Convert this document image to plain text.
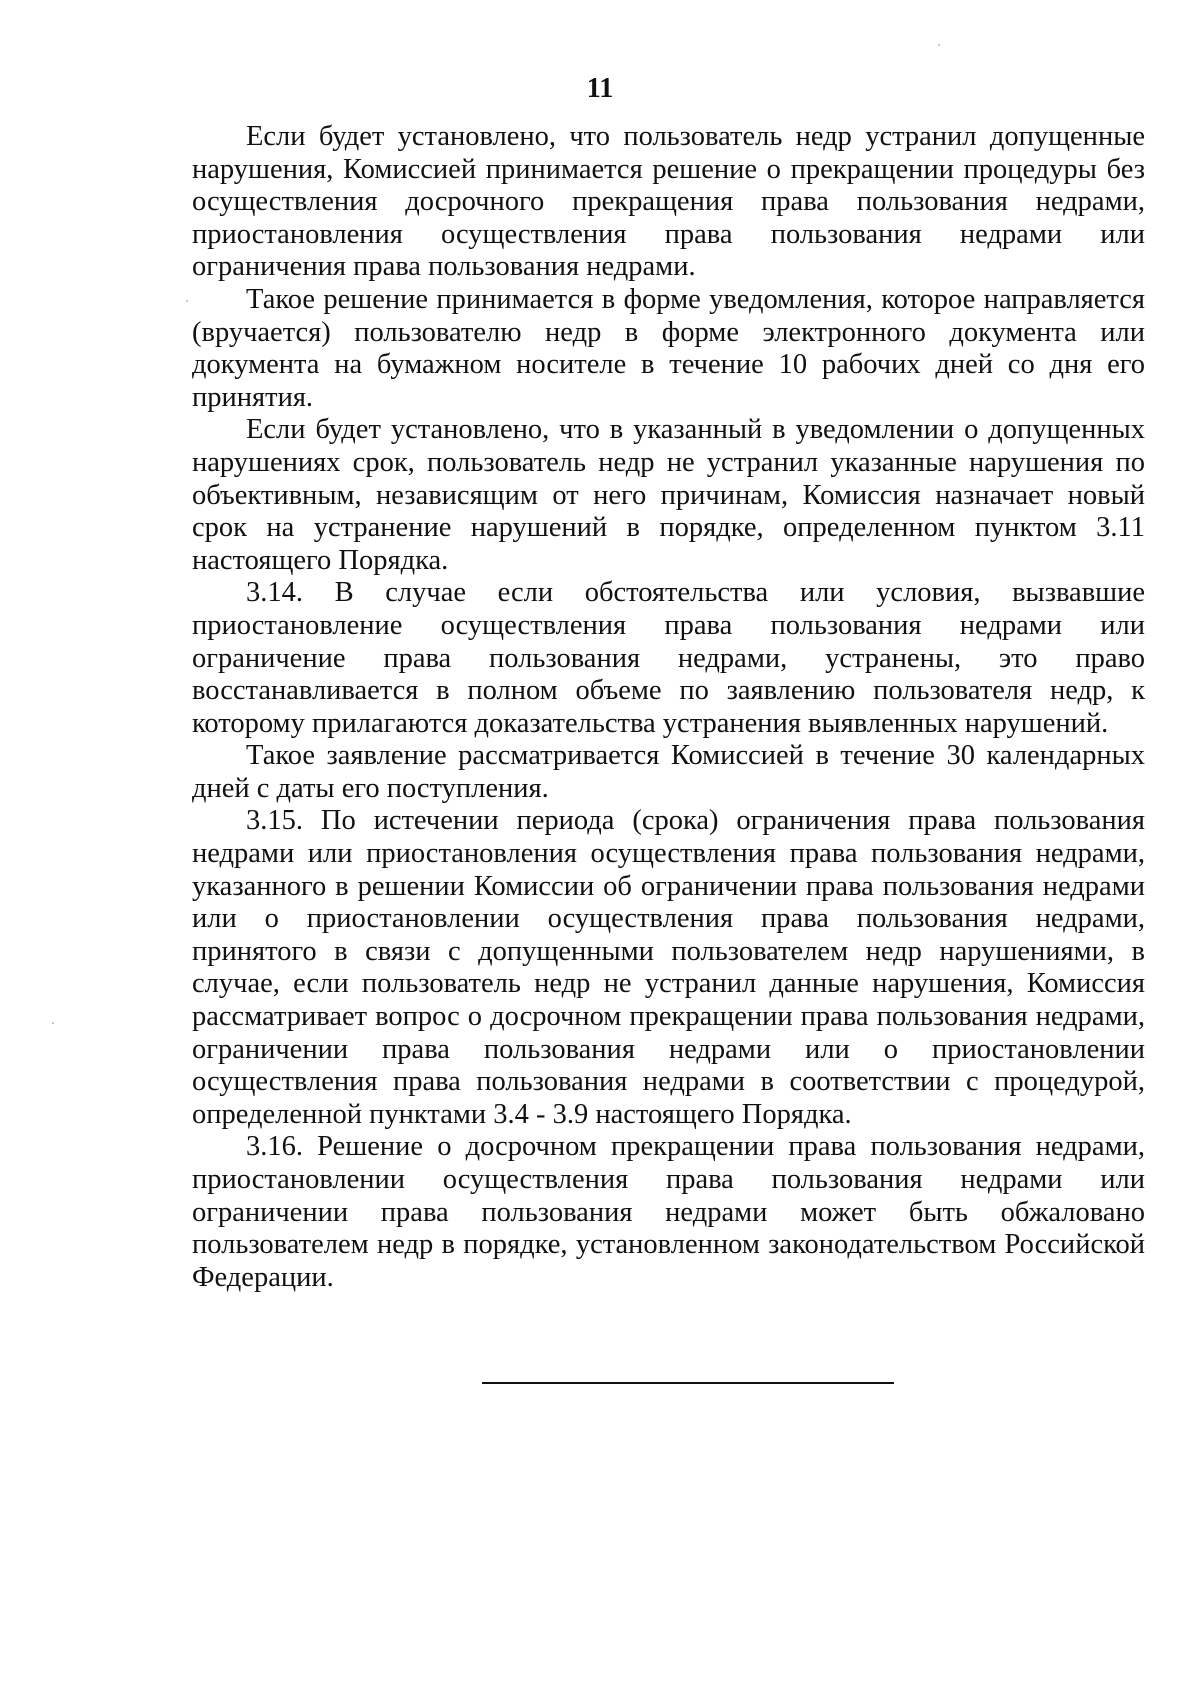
11

Если будет установлено, что пользователь недр устранил допущенные нарушения, Комиссией принимается решение о прекращении процедуры без осуществления досрочного прекращения права пользования недрами, приостановления осуществления права пользования недрами или ограничения права пользования недрами.

Такое решение принимается в форме уведомления, которое направляется (вручается) пользователю недр в форме электронного документа или документа на бумажном носителе в течение 10 рабочих дней со дня его принятия.

Если будет установлено, что в указанный в уведомлении о допущенных нарушениях срок, пользователь недр не устранил указанные нарушения по объективным, независящим от него причинам, Комиссия назначает новый срок на устранение нарушений в порядке, определенном пунктом 3.11 настоящего Порядка.

3.14. В случае если обстоятельства или условия, вызвавшие приостановление осуществления права пользования недрами или ограничение права пользования недрами, устранены, это право восстанавливается в полном объеме по заявлению пользователя недр, к которому прилагаются доказательства устранения выявленных нарушений.

Такое заявление рассматривается Комиссией в течение 30 календарных дней с даты его поступления.

3.15. По истечении периода (срока) ограничения права пользования недрами или приостановления осуществления права пользования недрами, указанного в решении Комиссии об ограничении права пользования недрами или о приостановлении осуществления права пользования недрами, принятого в связи с допущенными пользователем недр нарушениями, в случае, если пользователь недр не устранил данные нарушения, Комиссия рассматривает вопрос о досрочном прекращении права пользования недрами, ограничении права пользования недрами или о приостановлении осуществления права пользования недрами в соответствии с процедурой, определенной пунктами 3.4 - 3.9 настоящего Порядка.

3.16. Решение о досрочном прекращении права пользования недрами, приостановлении осуществления права пользования недрами или ограничении права пользования недрами может быть обжаловано пользователем недр в порядке, установленном законодательством Российской Федерации.
